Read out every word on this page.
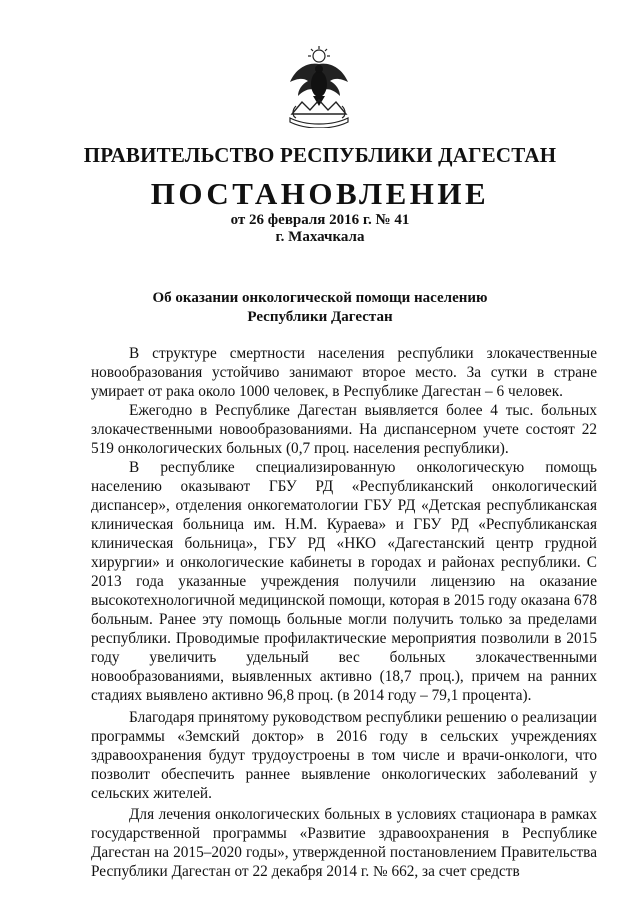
ПРАВИТЕЛЬСТВО РЕСПУБЛИКИ ДАГЕСТАН
ПОСТАНОВЛЕНИЕ
от 26 февраля 2016 г. № 41
г. Махачкала
Об оказании онкологической помощи населению
Республики Дагестан

В структуре смертности населения республики злокачественные новообразования устойчиво занимают второе место. За сутки в стране умирает от рака около 1000 человек, в Республике Дагестан – 6 человек.

Ежегодно в Республике Дагестан выявляется более 4 тыс. больных злокачественными новообразованиями. На диспансерном учете состоят 22 519 онкологических больных (0,7 проц. населения республики).

В республике специализированную онкологическую помощь населению оказывают ГБУ РД «Республиканский онкологический диспансер», отделения онкогематологии ГБУ РД «Детская республиканская клиническая больница им. Н.М. Кураева» и ГБУ РД «Республиканская клиническая больница», ГБУ РД «НКО «Дагестанский центр грудной хирургии» и онкологические кабинеты в городах и районах республики. С 2013 года указанные учреждения получили лицензию на оказание высокотехнологичной медицинской помощи, которая в 2015 году оказана 678 больным. Ранее эту помощь больные могли получить только за пределами республики. Проводимые профилактические мероприятия позволили в 2015 году увеличить удельный вес больных злокачественными новообразованиями, выявленных активно (18,7 проц.), причем на ранних стадиях выявлено активно 96,8 проц. (в 2014 году – 79,1 процента).

Благодаря принятому руководством республики решению о реализации программы «Земский доктор» в 2016 году в сельских учреждениях здравоохранения будут трудоустроены в том числе и врачи-онкологи, что позволит обеспечить раннее выявление онкологических заболеваний у сельских жителей.

Для лечения онкологических больных в условиях стационара в рамках государственной программы «Развитие здравоохранения в Республике Дагестан на 2015–2020 годы», утвержденной постановлением Правительства Республики Дагестан от 22 декабря 2014 г. № 662, за счет средств
